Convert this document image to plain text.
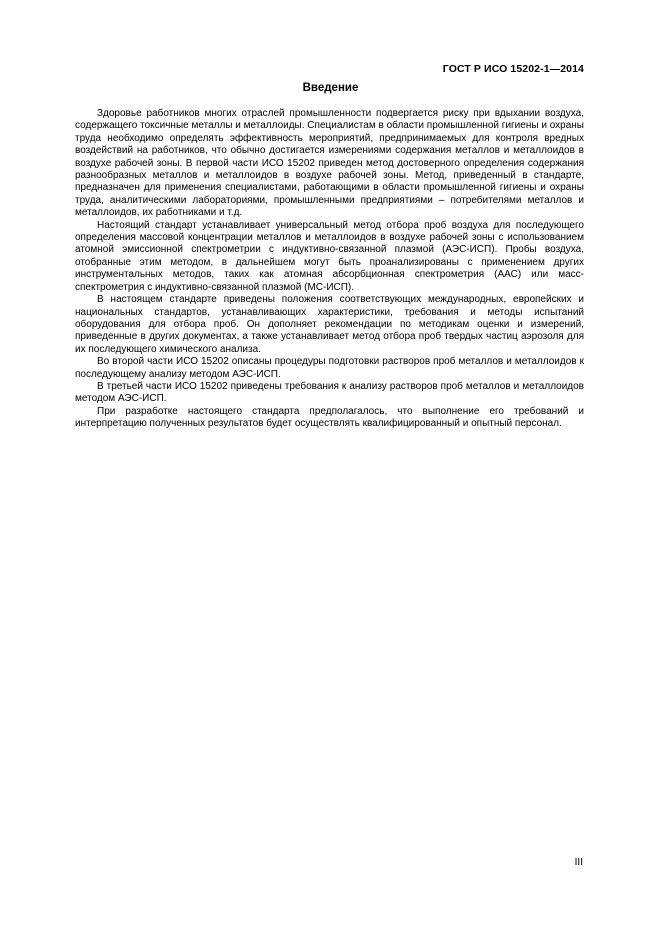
ГОСТ Р ИСО 15202-1—2014
Введение

Здоровье работников многих отраслей промышленности подвергается риску при вдыхании воздуха, содержащего токсичные металлы и металлоиды. Специалистам в области промышленной гигиены и охраны труда необходимо определять эффективность мероприятий, предпринимаемых для контроля вредных воздействий на работников, что обычно достигается измерениями содержания металлов и металлоидов в воздухе рабочей зоны. В первой части ИСО 15202 приведен метод достоверного определения содержания разнообразных металлов и металлоидов в воздухе рабочей зоны. Метод, приведенный в стандарте, предназначен для применения специалистами, работающими в области промышленной гигиены и охраны труда, аналитическими лабораториями, промышленными предприятиями – потребителями металлов и металлоидов, их работниками и т.д.

Настоящий стандарт устанавливает универсальный метод отбора проб воздуха для последующего определения массовой концентрации металлов и металлоидов в воздухе рабочей зоны с использованием атомной эмиссионной спектрометрии с индуктивно-связанной плазмой (АЭС-ИСП). Пробы воздуха, отобранные этим методом, в дальнейшем могут быть проанализированы с применением других инструментальных методов, таких как атомная абсорбционная спектрометрия (ААС) или масс-спектрометрия с индуктивно-связанной плазмой (МС-ИСП).

В настоящем стандарте приведены положения соответствующих международных, европейских и национальных стандартов, устанавливающих характеристики, требования и методы испытаний оборудования для отбора проб. Он дополняет рекомендации по методикам оценки и измерений, приведенные в других документах, а также устанавливает метод отбора проб твердых частиц аэрозоля для их последующего химического анализа.

Во второй части ИСО 15202 описаны процедуры подготовки растворов проб металлов и металлоидов к последующему анализу методом АЭС-ИСП.

В третьей части ИСО 15202 приведены требования к анализу растворов проб металлов и металлоидов методом АЭС-ИСП.

При разработке настоящего стандарта предполагалось, что выполнение его требований и интерпретацию полученных результатов будет осуществлять квалифицированный и опытный персонал.

III
